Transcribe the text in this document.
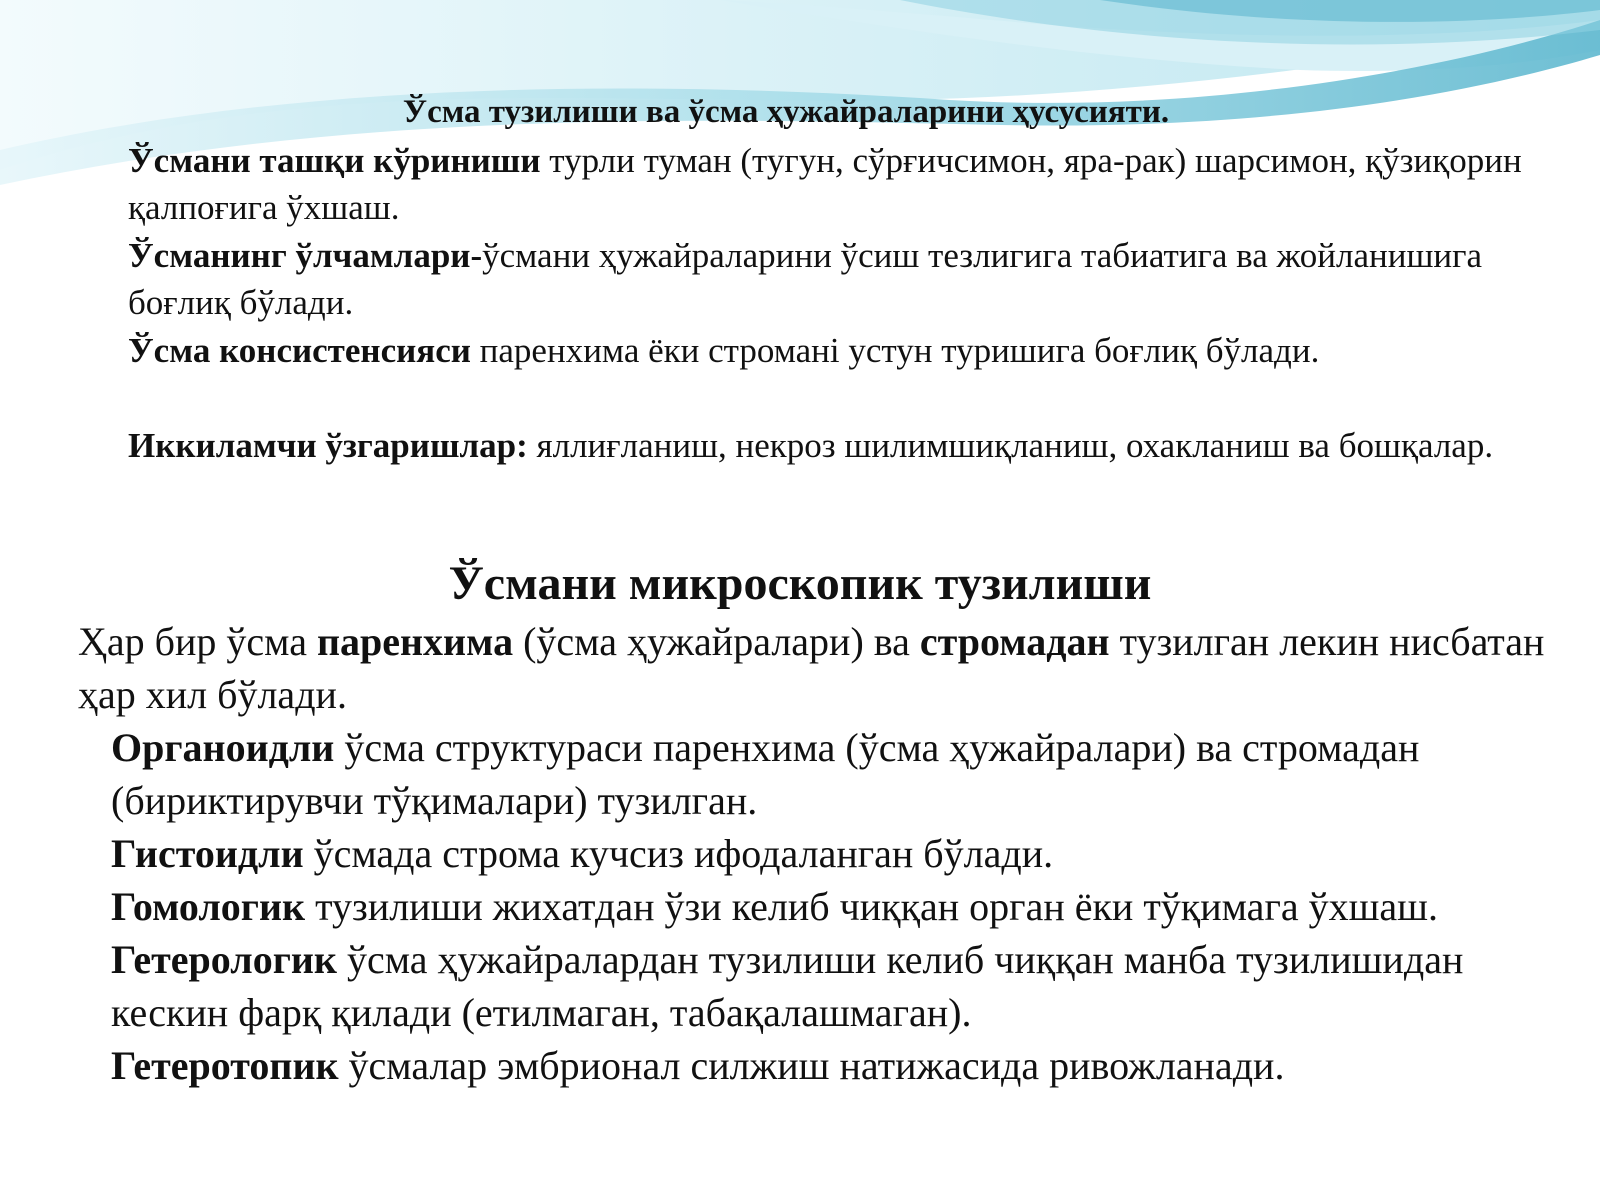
Ўсма тузилиши ва ўсма ҳужайраларини ҳусусияти.
Ўсмани ташқи кўриниши турли туман (тугун, сўрғичсимон, яра-рак) шарсимон, қўзиқорин қалпоғига ўхшаш.
Ўсманинг ўлчамлари-ўсмани ҳужайраларини ўсиш тезлигига табиатига ва жойланишига боғлиқ бўлади.
Ўсма консистенсияси паренхима ёки строманi устун туришига боғлиқ бўлади.
Иккиламчи ўзгаришлар: яллиғланиш, некроз шилимшиқланиш, охакланиш ва бошқалар.
Ўсмани микроскопик тузилиши

Ҳар бир ўсма паренхима (ўсма ҳужайралари) ва стромадан тузилган лекин нисбатан ҳар хил бўлади.

Органоидли ўсма структураси паренхима (ўсма ҳужайралари) ва стромадан (бириктирувчи тўқималари) тузилган.

Гистоидли ўсмада строма кучсиз ифодаланган бўлади.

Гомологик тузилиши жихатдан ўзи келиб чиққан орган ёки тўқимага ўхшаш.

Гетерологик ўсма ҳужайралардан тузилиши келиб чиққан манба тузилишидан кескин фарқ қилади (етилмаган, табақалашмаган).

Гетеротопик ўсмалар эмбрионал силжиш натижасида ривожланади.
